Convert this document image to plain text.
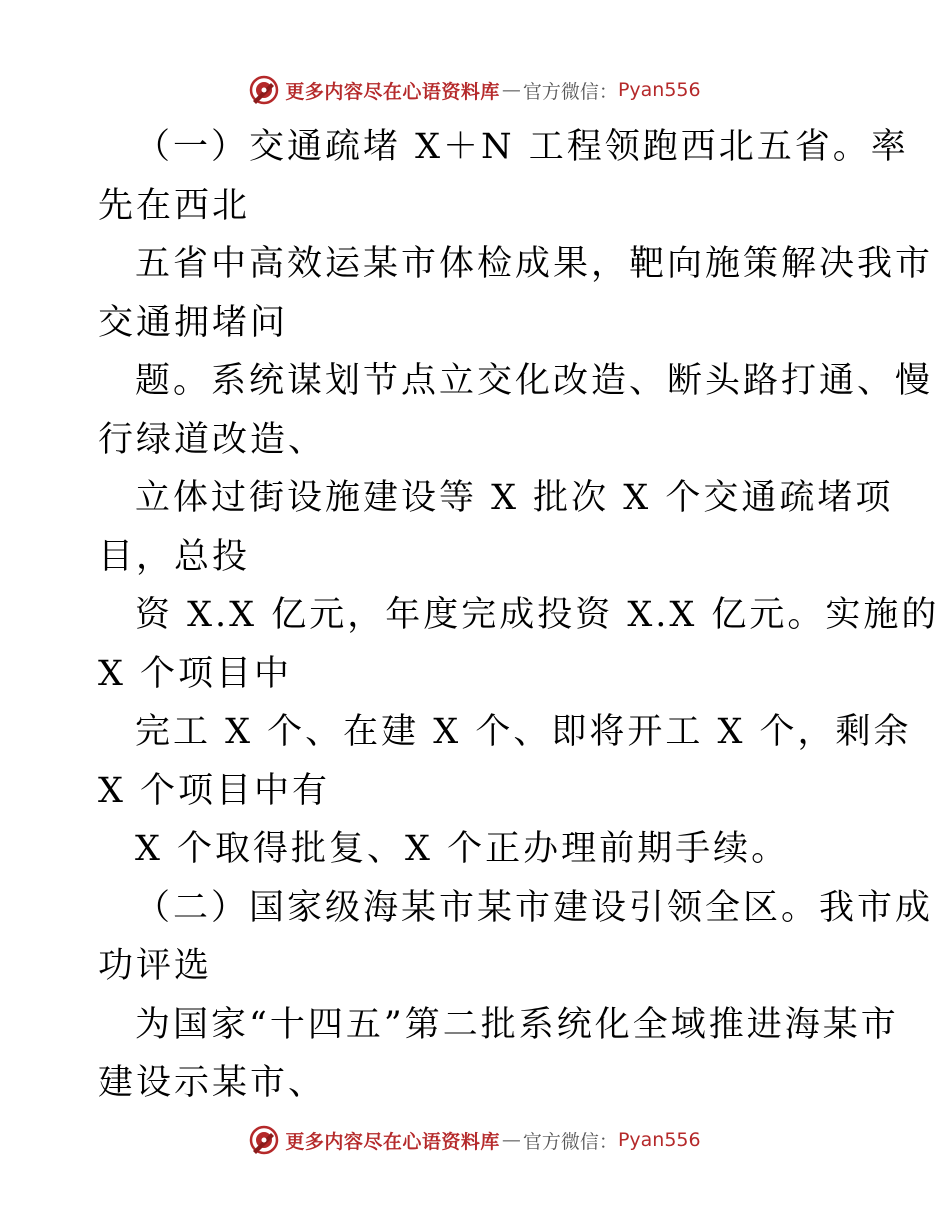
更多内容尽在心语资料库 — 官方微信： Pyan556
（一）交通疏堵 X＋N 工程领跑西北五省。率
先在西北
五省中高效运某市体检成果，靶向施策解决我市
交通拥堵问
题。系统谋划节点立交化改造、断头路打通、慢
行绿道改造、
立体过街设施建设等 X 批次 X 个交通疏堵项
目，总投
资 X.X 亿元，年度完成投资 X.X 亿元。实施的
X 个项目中
完工 X 个、在建 X 个、即将开工 X 个，剩余
X 个项目中有
X 个取得批复、X 个正办理前期手续。
（二）国家级海某市某市建设引领全区。我市成
功评选
为国家“十四五”第二批系统化全域推进海某市
建设示某市、
更多内容尽在心语资料库 — 官方微信： Pyan556
